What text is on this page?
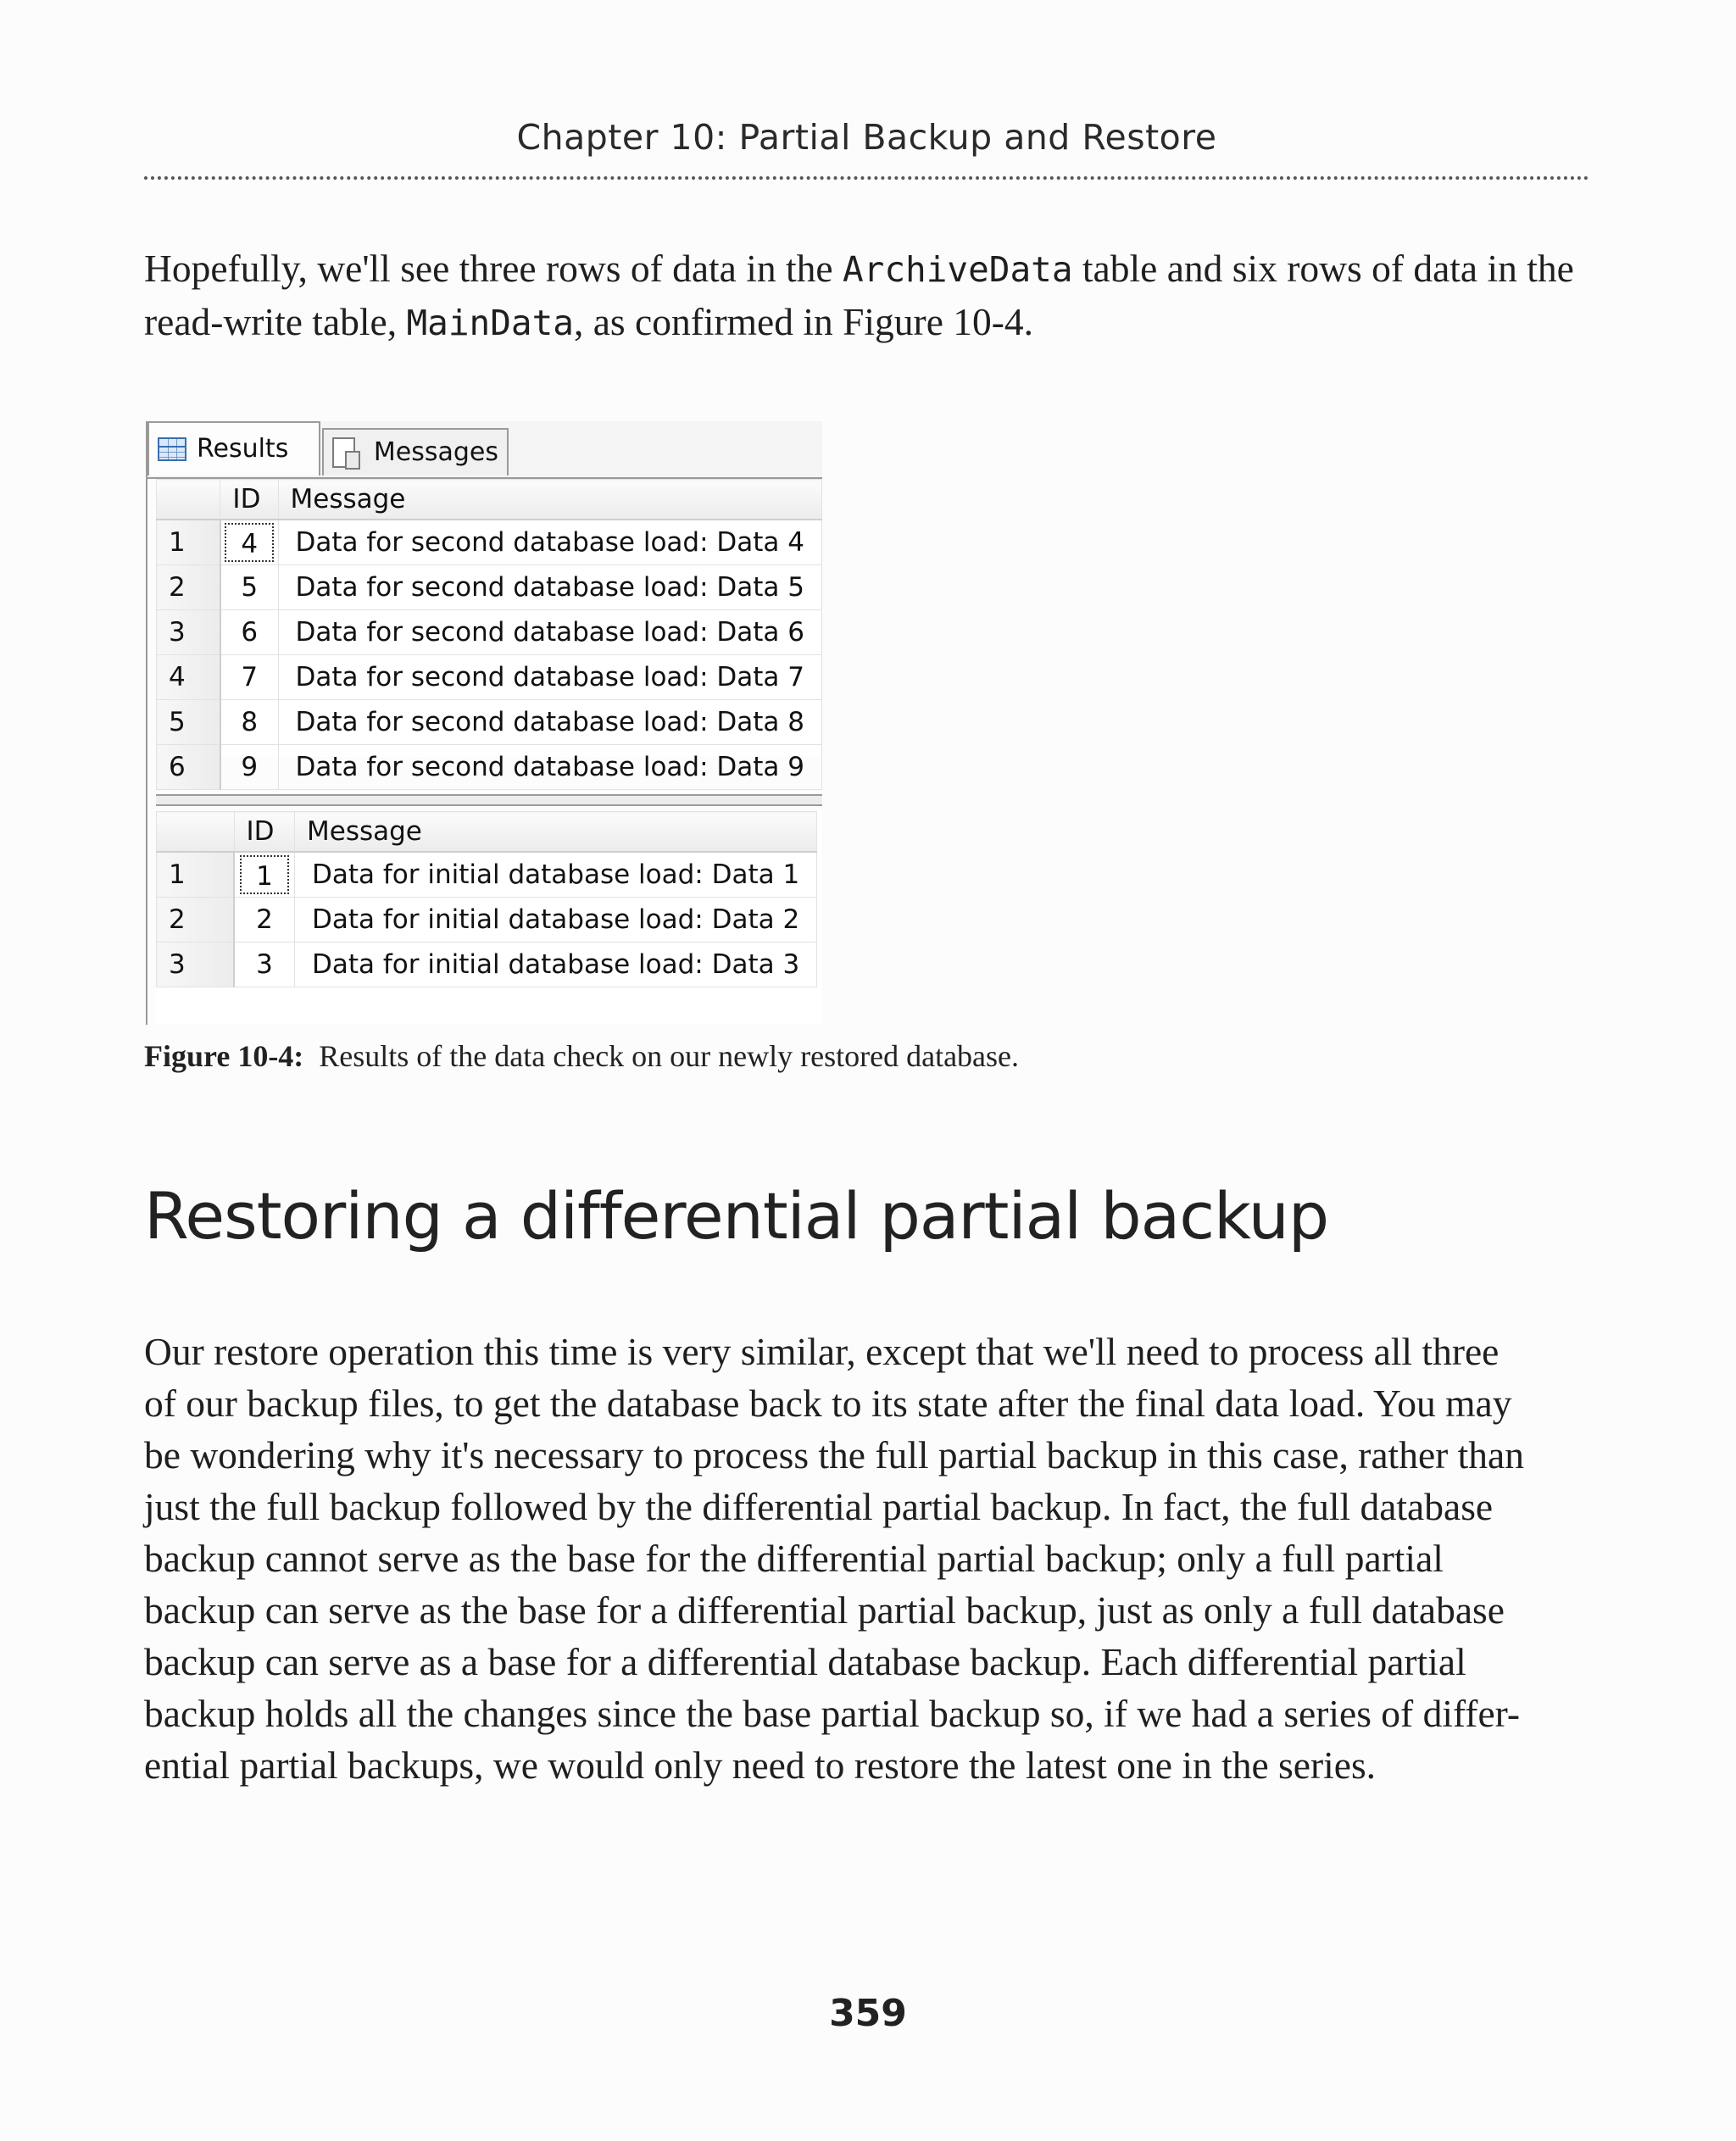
Chapter 10: Partial Backup and Restore

Hopefully, we'll see three rows of data in the ArchiveData table and six rows of data in the read-write table, MainData, as confirmed in Figure 10-4.

Results	Messages
	ID	Message
1	4	Data for second database load: Data 4
2	5	Data for second database load: Data 5
3	6	Data for second database load: Data 6
4	7	Data for second database load: Data 7
5	8	Data for second database load: Data 8
6	9	Data for second database load: Data 9
	ID	Message
1	1	Data for initial database load: Data 1
2	2	Data for initial database load: Data 2
3	3	Data for initial database load: Data 3
Figure 10-4: Results of the data check on our newly restored database.
Restoring a differential partial backup
Our restore operation this time is very similar, except that we'll need to process all three
of our backup files, to get the database back to its state after the final data load. You may
be wondering why it's necessary to process the full partial backup in this case, rather than
just the full backup followed by the differential partial backup. In fact, the full database
backup cannot serve as the base for the differential partial backup; only a full partial
backup can serve as the base for a differential partial backup, just as only a full database
backup can serve as a base for a differential database backup. Each differential partial
backup holds all the changes since the base partial backup so, if we had a series of differ-
ential partial backups, we would only need to restore the latest one in the series.
359
